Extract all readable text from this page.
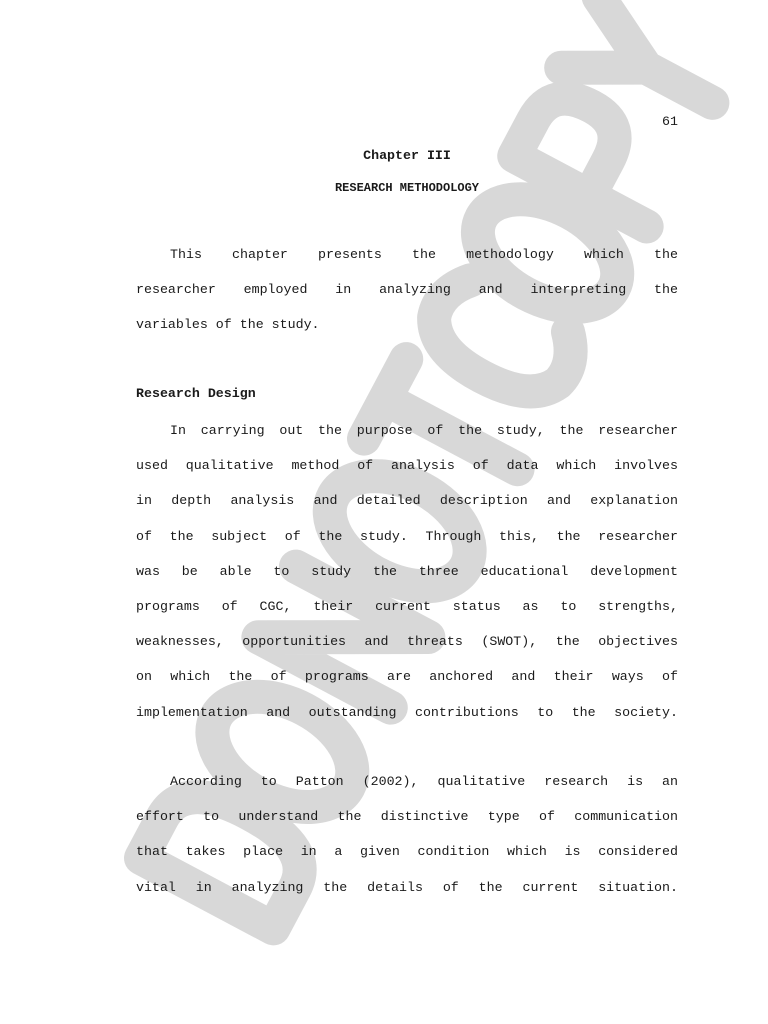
61
Chapter III
RESEARCH METHODOLOGY
This chapter presents the methodology which the
researcher employed in analyzing and interpreting the
variables of the study.
Research Design
In carrying out the purpose of the study, the researcher
used qualitative method of analysis of data which involves
in depth analysis and detailed description and explanation
of the subject of the study. Through this, the researcher
was be able to study the three educational development
programs of CGC, their current status as to strengths,
weaknesses, opportunities and threats (SWOT), the objectives
on which the of programs are anchored and their ways of
implementation and outstanding contributions to the society.
According to Patton (2002), qualitative research is an
effort to understand the distinctive type of communication
that takes place in a given condition which is considered
vital in analyzing the details of the current situation.
